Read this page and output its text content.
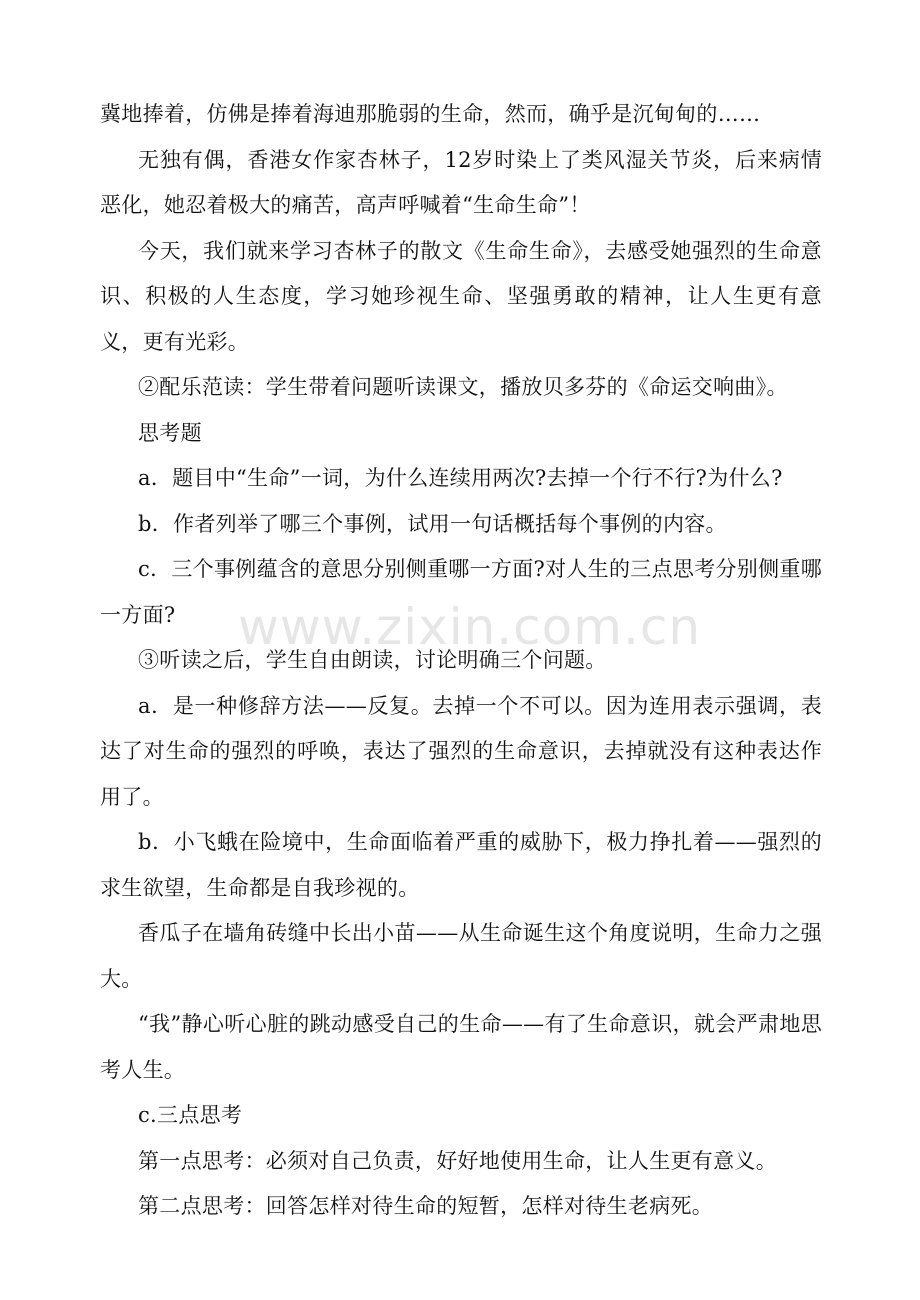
冀地捧着，仿佛是捧着海迪那脆弱的生命，然而，确乎是沉甸甸的……

无独有偶，香港女作家杏林子，12岁时染上了类风湿关节炎，后来病情恶化，她忍着极大的痛苦，高声呼喊着“生命生命”！

今天，我们就来学习杏林子的散文《生命生命》，去感受她强烈的生命意识、积极的人生态度，学习她珍视生命、坚强勇敢的精神，让人生更有意义，更有光彩。

②配乐范读：学生带着问题听读课文，播放贝多芬的《命运交响曲》。

思考题

a．题目中“生命”一词，为什么连续用两次?去掉一个行不行?为什么?

b．作者列举了哪三个事例，试用一句话概括每个事例的内容。

c．三个事例蕴含的意思分别侧重哪一方面?对人生的三点思考分别侧重哪一方面?

③听读之后，学生自由朗读，讨论明确三个问题。

a．是一种修辞方法——反复。去掉一个不可以。因为连用表示强调，表达了对生命的强烈的呼唤，表达了强烈的生命意识，去掉就没有这种表达作用了。

b．小飞蛾在险境中，生命面临着严重的威胁下，极力挣扎着——强烈的求生欲望，生命都是自我珍视的。

香瓜子在墙角砖缝中长出小苗——从生命诞生这个角度说明，生命力之强大。

“我”静心听心脏的跳动感受自己的生命——有了生命意识，就会严肃地思考人生。

c.三点思考

第一点思考：必须对自己负责，好好地使用生命，让人生更有意义。

第二点思考：回答怎样对待生命的短暂，怎样对待生老病死。

www.zixin.com.cn
